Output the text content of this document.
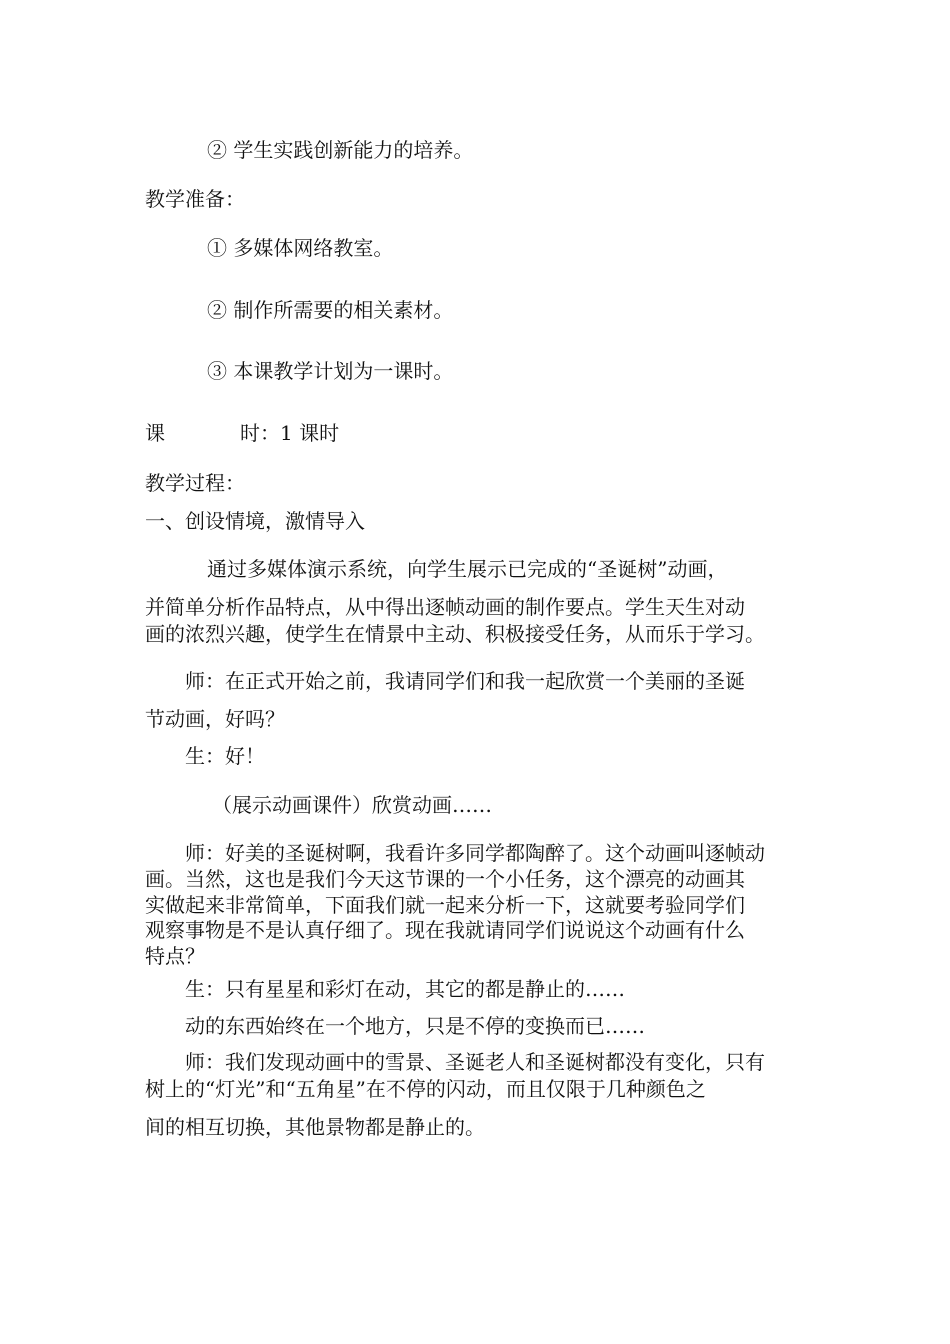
② 学生实践创新能力的培养。
教学准备：
① 多媒体网络教室。
② 制作所需要的相关素材。
③ 本课教学计划为一课时。
课	时：1 课时
教学过程：
一、创设情境，激情导入
通过多媒体演示系统，向学生展示已完成的“圣诞树”动画，
并简单分析作品特点，从中得出逐帧动画的制作要点。学生天生对动
画的浓烈兴趣，使学生在情景中主动、积极接受任务，从而乐于学习。
师：在正式开始之前，我请同学们和我一起欣赏一个美丽的圣诞
节动画，好吗？
生：好！
（展示动画课件）欣赏动画……
师：好美的圣诞树啊，我看许多同学都陶醉了。这个动画叫逐帧动
画。当然，这也是我们今天这节课的一个小任务，这个漂亮的动画其
实做起来非常简单，下面我们就一起来分析一下，这就要考验同学们
观察事物是不是认真仔细了。现在我就请同学们说说这个动画有什么
特点？
生：只有星星和彩灯在动，其它的都是静止的……
动的东西始终在一个地方，只是不停的变换而已……
师：我们发现动画中的雪景、圣诞老人和圣诞树都没有变化，只有
树上的“灯光”和“五角星”在不停的闪动，而且仅限于几种颜色之
间的相互切换，其他景物都是静止的。
